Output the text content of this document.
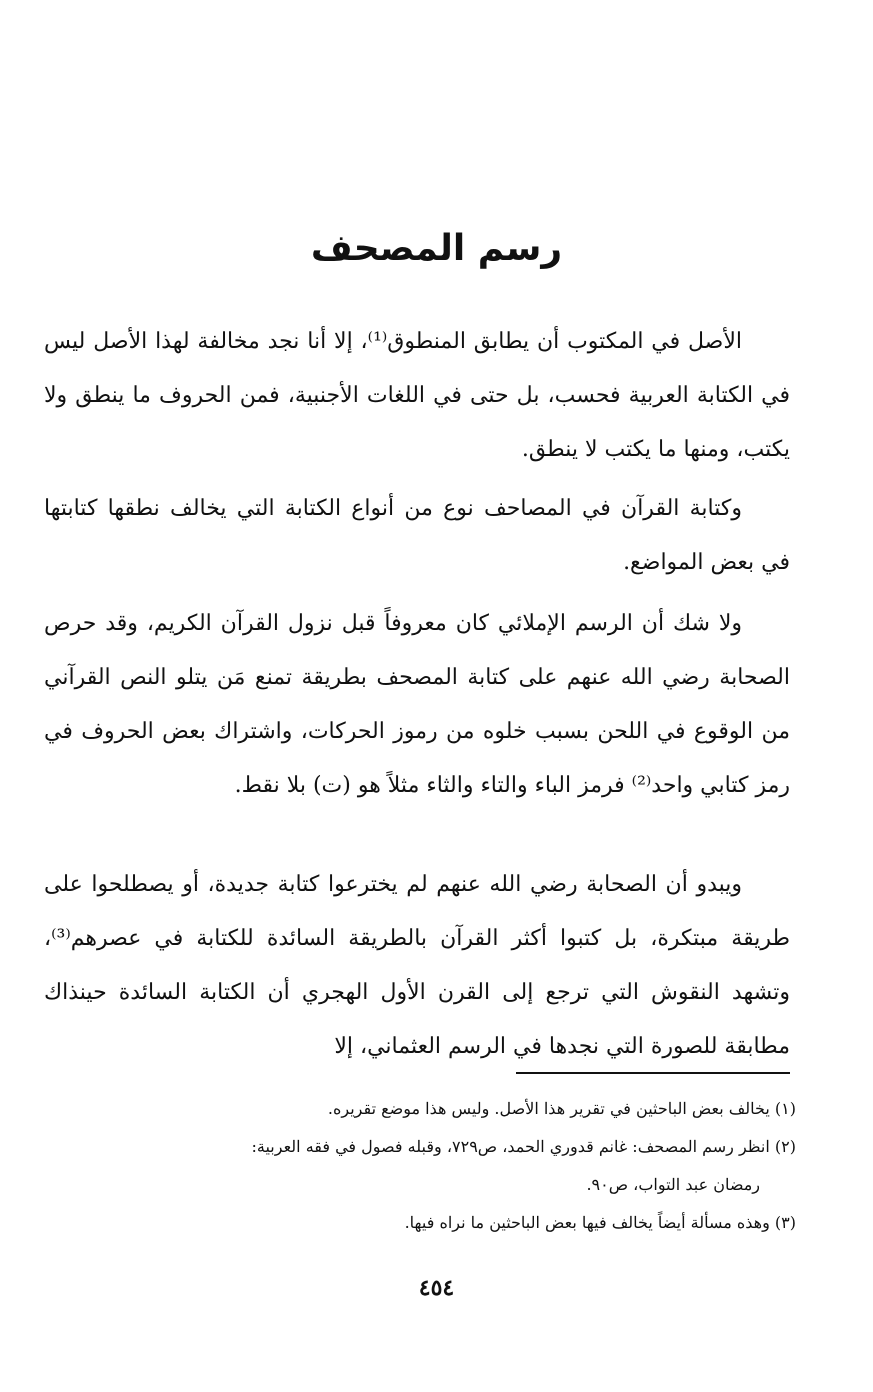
رسم المصحف

الأصل في المكتوب أن يطابق المنطوق⁽¹⁾، إلا أنا نجد مخالفة لهذا الأصل ليس في الكتابة العربية فحسب، بل حتى في اللغات الأجنبية، فمن الحروف ما ينطق ولا يكتب، ومنها ما يكتب لا ينطق.

وكتابة القرآن في المصاحف نوع من أنواع الكتابة التي يخالف نطقها كتابتها في بعض المواضع.

ولا شك أن الرسم الإملائي كان معروفاً قبل نزول القرآن الكريم، وقد حرص الصحابة رضي الله عنهم على كتابة المصحف بطريقة تمنع مَن يتلو النص القرآني من الوقوع في اللحن بسبب خلوه من رموز الحركات، واشتراك بعض الحروف في رمز كتابي واحد⁽²⁾ فرمز الباء والتاء والثاء مثلاً هو (ت) بلا نقط.

ويبدو أن الصحابة رضي الله عنهم لم يخترعوا كتابة جديدة، أو يصطلحوا على طريقة مبتكرة، بل كتبوا أكثر القرآن بالطريقة السائدة للكتابة في عصرهم⁽³⁾، وتشهد النقوش التي ترجع إلى القرن الأول الهجري أن الكتابة السائدة حينذاك مطابقة للصورة التي نجدها في الرسم العثماني، إلا

(١) يخالف بعض الباحثين في تقرير هذا الأصل. وليس هذا موضع تقريره.

(٢) انظر رسم المصحف: غانم قدوري الحمد، ص٧٢٩، وقبله فصول في فقه العربية:

رمضان عبد التواب، ص٩٠.

(٣) وهذه مسألة أيضاً يخالف فيها بعض الباحثين ما نراه فيها.

٤٥٤
